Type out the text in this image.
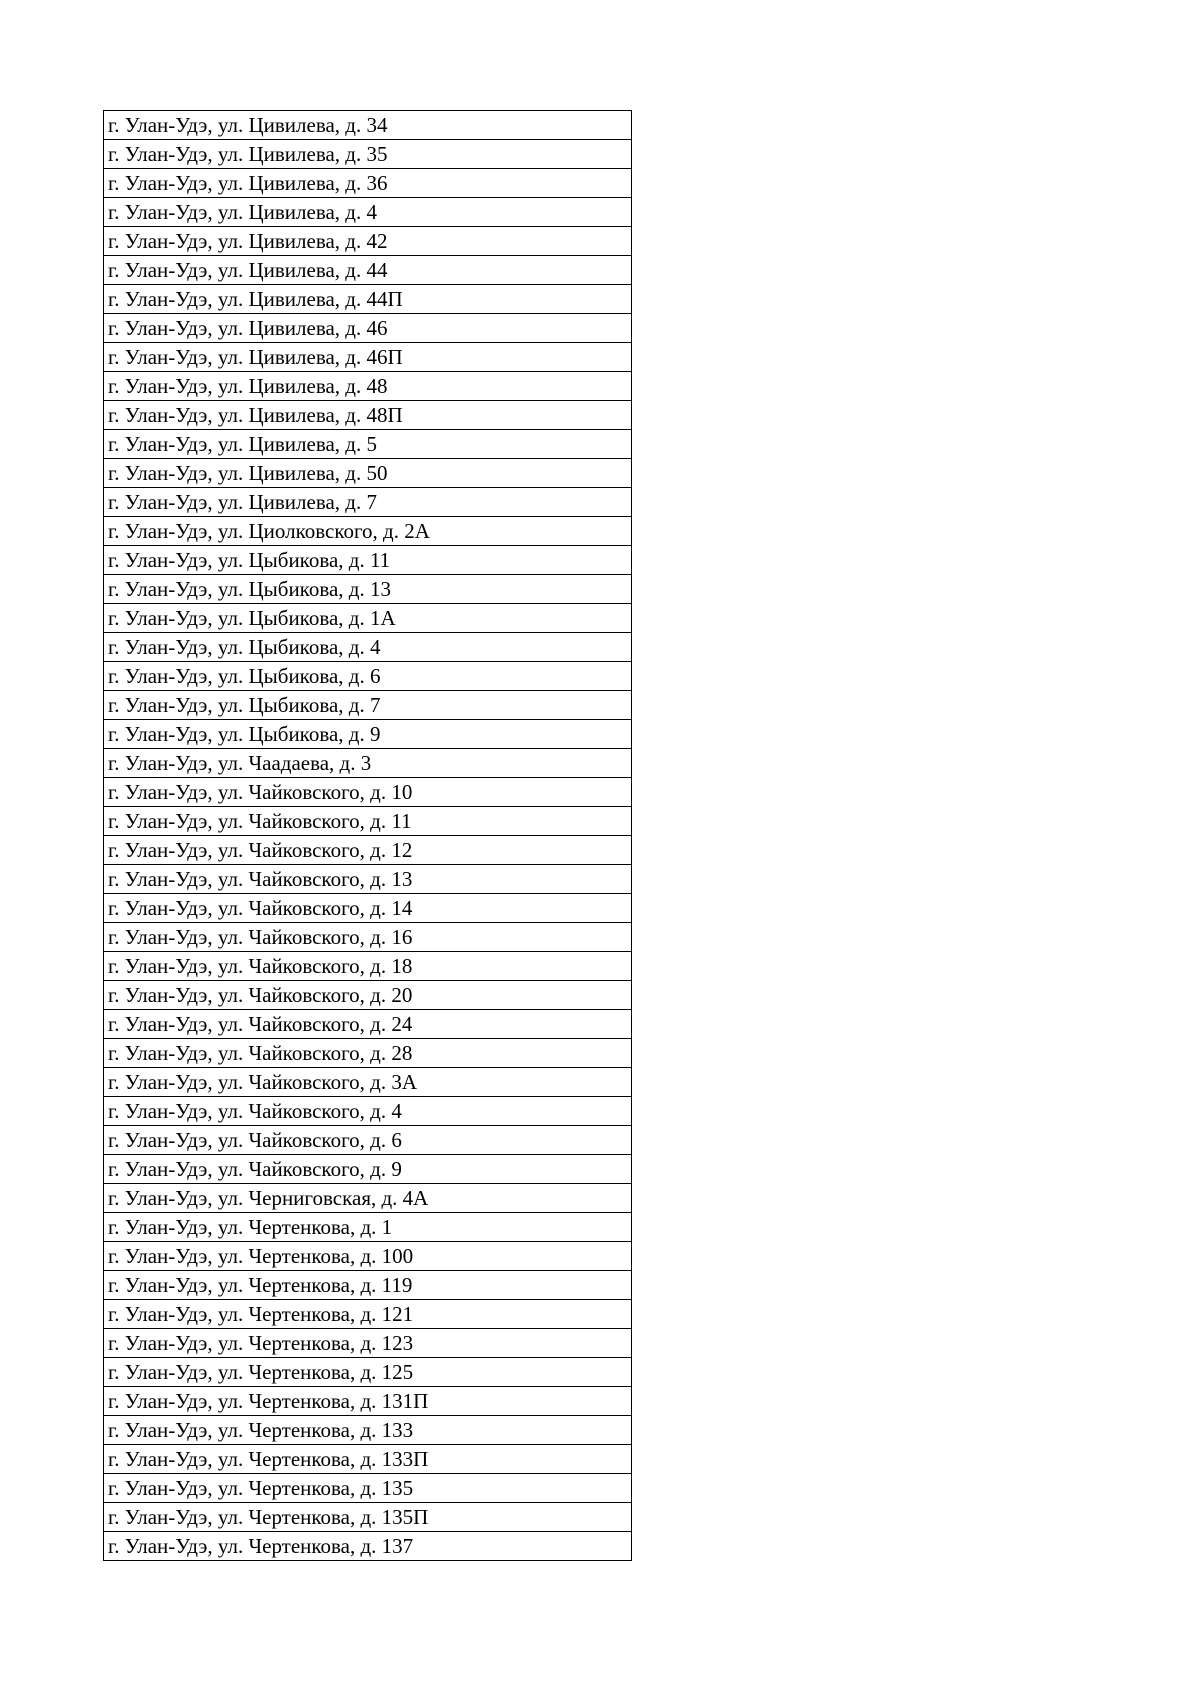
г. Улан-Удэ, ул. Цивилева, д. 34
г. Улан-Удэ, ул. Цивилева, д. 35
г. Улан-Удэ, ул. Цивилева, д. 36
г. Улан-Удэ, ул. Цивилева, д. 4
г. Улан-Удэ, ул. Цивилева, д. 42
г. Улан-Удэ, ул. Цивилева, д. 44
г. Улан-Удэ, ул. Цивилева, д. 44П
г. Улан-Удэ, ул. Цивилева, д. 46
г. Улан-Удэ, ул. Цивилева, д. 46П
г. Улан-Удэ, ул. Цивилева, д. 48
г. Улан-Удэ, ул. Цивилева, д. 48П
г. Улан-Удэ, ул. Цивилева, д. 5
г. Улан-Удэ, ул. Цивилева, д. 50
г. Улан-Удэ, ул. Цивилева, д. 7
г. Улан-Удэ, ул. Циолковского, д. 2А
г. Улан-Удэ, ул. Цыбикова, д. 11
г. Улан-Удэ, ул. Цыбикова, д. 13
г. Улан-Удэ, ул. Цыбикова, д. 1А
г. Улан-Удэ, ул. Цыбикова, д. 4
г. Улан-Удэ, ул. Цыбикова, д. 6
г. Улан-Удэ, ул. Цыбикова, д. 7
г. Улан-Удэ, ул. Цыбикова, д. 9
г. Улан-Удэ, ул. Чаадаева, д. 3
г. Улан-Удэ, ул. Чайковского, д. 10
г. Улан-Удэ, ул. Чайковского, д. 11
г. Улан-Удэ, ул. Чайковского, д. 12
г. Улан-Удэ, ул. Чайковского, д. 13
г. Улан-Удэ, ул. Чайковского, д. 14
г. Улан-Удэ, ул. Чайковского, д. 16
г. Улан-Удэ, ул. Чайковского, д. 18
г. Улан-Удэ, ул. Чайковского, д. 20
г. Улан-Удэ, ул. Чайковского, д. 24
г. Улан-Удэ, ул. Чайковского, д. 28
г. Улан-Удэ, ул. Чайковского, д. 3А
г. Улан-Удэ, ул. Чайковского, д. 4
г. Улан-Удэ, ул. Чайковского, д. 6
г. Улан-Удэ, ул. Чайковского, д. 9
г. Улан-Удэ, ул. Черниговская, д. 4А
г. Улан-Удэ, ул. Чертенкова, д. 1
г. Улан-Удэ, ул. Чертенкова, д. 100
г. Улан-Удэ, ул. Чертенкова, д. 119
г. Улан-Удэ, ул. Чертенкова, д. 121
г. Улан-Удэ, ул. Чертенкова, д. 123
г. Улан-Удэ, ул. Чертенкова, д. 125
г. Улан-Удэ, ул. Чертенкова, д. 131П
г. Улан-Удэ, ул. Чертенкова, д. 133
г. Улан-Удэ, ул. Чертенкова, д. 133П
г. Улан-Удэ, ул. Чертенкова, д. 135
г. Улан-Удэ, ул. Чертенкова, д. 135П
г. Улан-Удэ, ул. Чертенкова, д. 137
